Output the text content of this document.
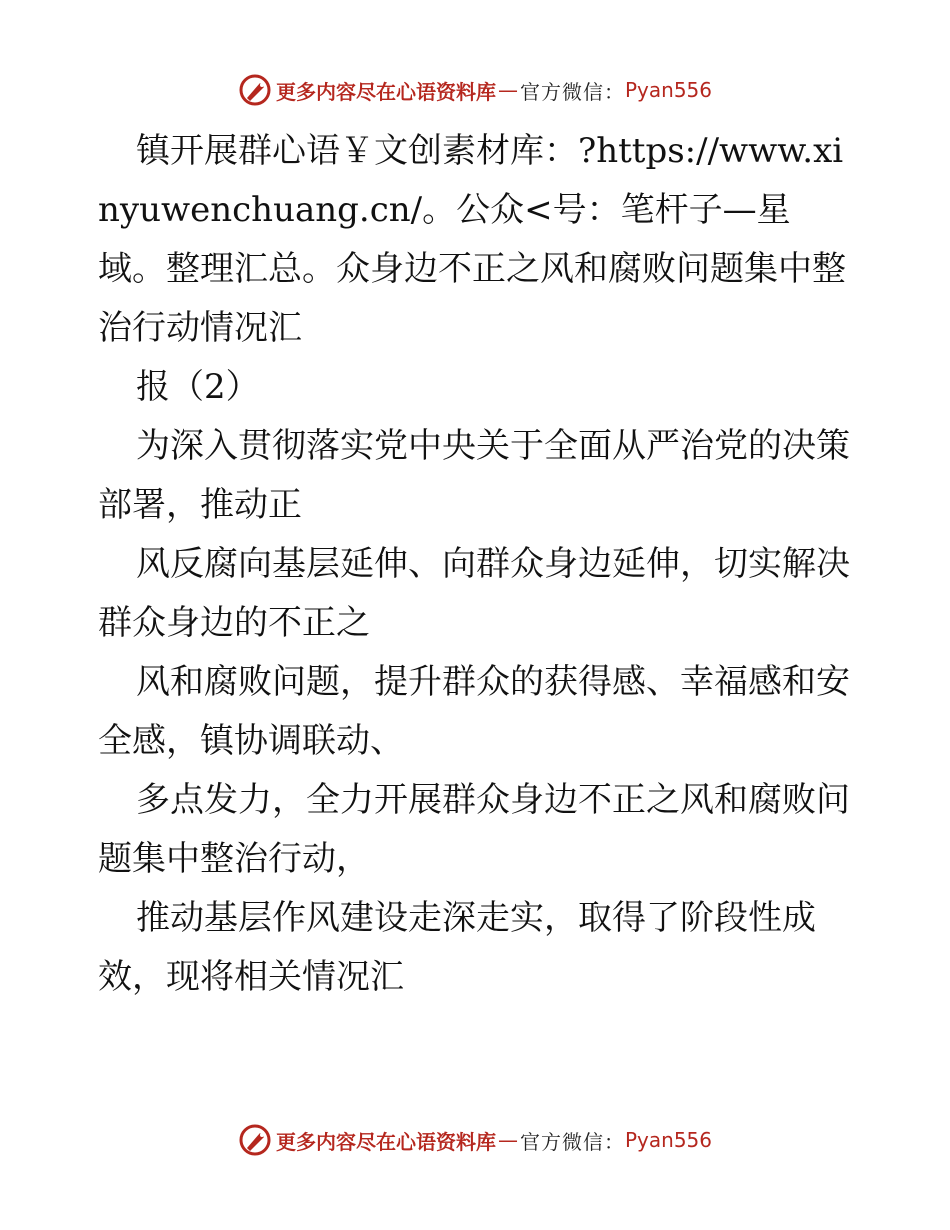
更多内容尽在心语资料库 — 官方微信： Pyan556

镇开展群心语￥文创素材库：?https://www.xinyuwenchuang.cn/。公众<号：笔杆子—星域。整理汇总。众身边不正之风和腐败问题集中整治行动情况汇

报（2）

为深入贯彻落实党中央关于全面从严治党的决策部署，推动正

风反腐向基层延伸、向群众身边延伸，切实解决群众身边的不正之

风和腐败问题，提升群众的获得感、幸福感和安全感，镇协调联动、

多点发力，全力开展群众身边不正之风和腐败问题集中整治行动，

推动基层作风建设走深走实，取得了阶段性成效，现将相关情况汇

更多内容尽在心语资料库 — 官方微信： Pyan556
